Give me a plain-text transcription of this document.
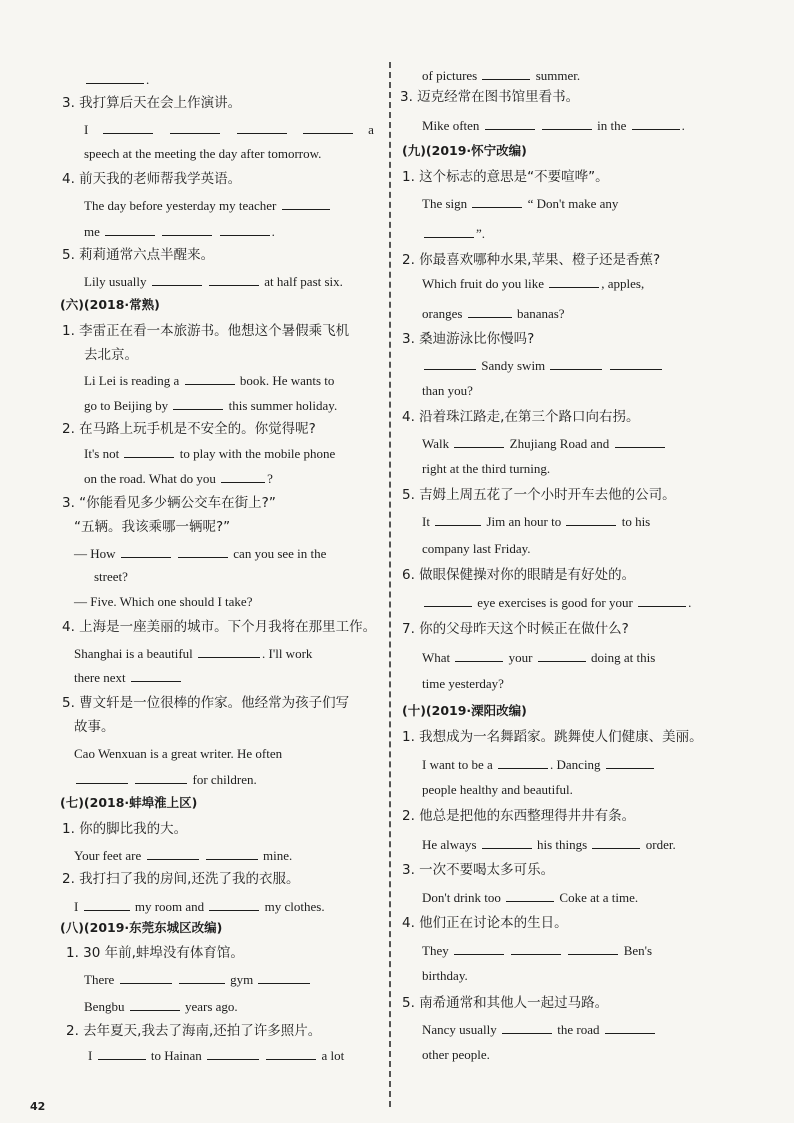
.
3. 我打算后天在会上作演讲。
I	a
speech at the meeting the day after tomorrow.
4. 前天我的老师帮我学英语。
The day before yesterday my teacher
me	.
5. 莉莉通常六点半醒来。
Lily usually	at half past six.
(六)(2018·常熟)
1. 李雷正在看一本旅游书。他想这个暑假乘飞机
去北京。
Li Lei is reading a	book. He wants to
go to Beijing by	this summer holiday.
2. 在马路上玩手机是不安全的。你觉得呢?
It's not	to play with the mobile phone
on the road. What do you	?
3. “你能看见多少辆公交车在街上?”
“五辆。我该乘哪一辆呢?”
— How	can you see in the
street?
— Five. Which one should I take?
4. 上海是一座美丽的城市。下个月我将在那里工作。
Shanghai is a beautiful	. I'll work
there next
5. 曹文轩是一位很棒的作家。他经常为孩子们写
故事。
Cao Wenxuan is a great writer. He often
for children.
(七)(2018·蚌埠淮上区)
1. 你的脚比我的大。
Your feet are	mine.
2. 我打扫了我的房间,还洗了我的衣服。
I	my room and	my clothes.
(八)(2019·东莞东城区改编)
1. 30 年前,蚌埠没有体育馆。
There	gym
Bengbu	years ago.
2. 去年夏天,我去了海南,还拍了许多照片。
I	to Hainan	a lot
of pictures	summer.
3. 迈克经常在图书馆里看书。
Mike often	in the	.
(九)(2019·怀宁改编)
1. 这个标志的意思是“不要喧哗”。
The sign	“ Don't make any
”.
2. 你最喜欢哪种水果,苹果、橙子还是香蕉?
Which fruit do you like	, apples,
oranges	bananas?
3. 桑迪游泳比你慢吗?
Sandy swim
than you?
4. 沿着珠江路走,在第三个路口向右拐。
Walk	Zhujiang Road and
right at the third turning.
5. 吉姆上周五花了一个小时开车去他的公司。
It	Jim an hour to	to his
company last Friday.
6. 做眼保健操对你的眼睛是有好处的。
eye exercises is good for your	.
7. 你的父母昨天这个时候正在做什么?
What	your	doing at this
time yesterday?
(十)(2019·溧阳改编)
1. 我想成为一名舞蹈家。跳舞使人们健康、美丽。
I want to be a	. Dancing
people healthy and beautiful.
2. 他总是把他的东西整理得井井有条。
He always	his things	order.
3. 一次不要喝太多可乐。
Don't drink too	Coke at a time.
4. 他们正在讨论本的生日。
They	Ben's
birthday.
5. 南希通常和其他人一起过马路。
Nancy usually	the road
other people.
42
